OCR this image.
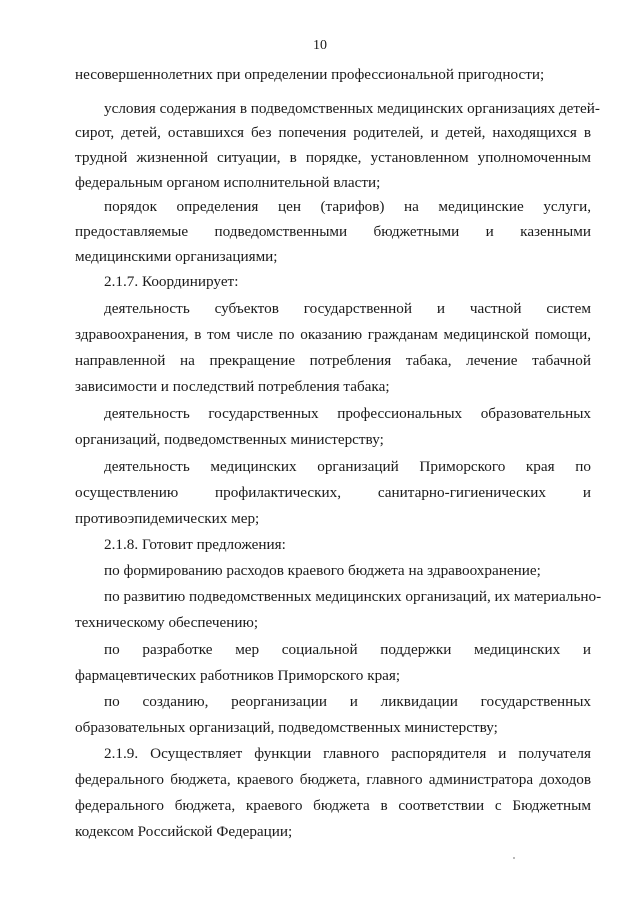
10
несовершеннолетних при определении профессиональной пригодности;
условия содержания в подведомственных медицинских организациях детей-
сирот, детей, оставшихся без попечения родителей, и детей, находящихся в
трудной жизненной ситуации, в порядке, установленном уполномоченным
федеральным органом исполнительной власти;
порядок определения цен (тарифов) на медицинские услуги,
предоставляемые подведомственными бюджетными и казенными
медицинскими организациями;
2.1.7. Координирует:
деятельность субъектов государственной и частной систем
здравоохранения, в том числе по оказанию гражданам медицинской помощи,
направленной на прекращение потребления табака, лечение табачной
зависимости и последствий потребления табака;
деятельность государственных профессиональных образовательных
организаций, подведомственных министерству;
деятельность медицинских организаций Приморского края по
осуществлению профилактических, санитарно-гигиенических и
противоэпидемических мер;
2.1.8. Готовит предложения:
по формированию расходов краевого бюджета на здравоохранение;
по развитию подведомственных медицинских организаций, их материально-
техническому обеспечению;
по разработке мер социальной поддержки медицинских и
фармацевтических работников Приморского края;
по созданию, реорганизации и ликвидации государственных
образовательных организаций, подведомственных министерству;
2.1.9. Осуществляет функции главного распорядителя и получателя
федерального бюджета, краевого бюджета, главного администратора доходов
федерального бюджета, краевого бюджета в соответствии с Бюджетным
кодексом Российской Федерации;
